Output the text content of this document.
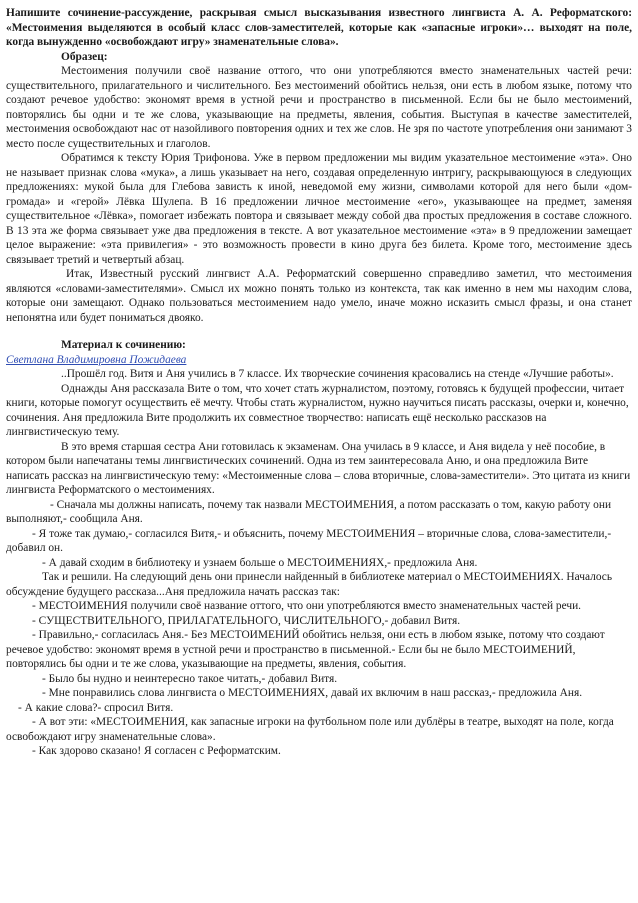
Напишите сочинение-рассуждение, раскрывая смысл высказывания известного лингвиста А. А. Реформатского: «Местоимения выделяются в особый класс слов-заместителей, которые как «запасные игроки»… выходят на поле, когда вынужденно «освобождают игру» знаменательные слова».

Образец:

Местоимения получили своё название оттого, что они употребляются вместо знаменательных частей речи: существительного, прилагательного и числительного. Без местоимений обойтись нельзя, они есть в любом языке, потому что создают речевое удобство: экономят время в устной речи и пространство в письменной. Если бы не было местоимений, повторялись бы одни и те же слова, указывающие на предметы, явления, события. Выступая в качестве заместителей, местоимения освобождают нас от назойливого повторения одних и тех же слов. Не зря по частоте употребления они занимают 3 место после существительных и глаголов.

Обратимся к тексту Юрия Трифонова. Уже в первом предложении мы видим указательное местоимение «эта». Оно не называет признак слова «мука», а лишь указывает на него, создавая определенную интригу, раскрывающуюся в следующих предложениях: мукой была для Глебова зависть к иной, неведомой ему жизни, символами которой для него были «дом-громада» и «герой» Лёвка Шулепа. В 16 предложении личное местоимение «его», указывающее на предмет, заменяя существительное «Лёвка», помогает избежать повтора и связывает между собой два простых предложения в составе сложного. В 13 эта же форма связывает уже два предложения в тексте. А вот указательное местоимение «эта» в 9 предложении замещает целое выражение: «эта привилегия» - это возможность провести в кино друга без билета. Кроме того, местоимение здесь связывает третий и четвертый абзац.

Итак, Известный русский лингвист А.А. Реформатский совершенно справедливо заметил, что местоимения являются «словами-заместителями». Смысл их можно понять только из контекста, так как именно в нем мы находим слова, которые они замещают. Однако пользоваться местоимением надо умело, иначе можно исказить смысл фразы, и она станет непонятна или будет пониматься двояко.

Материал к сочинению:

Светлана Владимировна Пожидаева

..Прошёл год. Витя и Аня учились в 7 классе. Их творческие сочинения красовались на стенде «Лучшие работы».

Однажды Аня рассказала Вите о том, что хочет стать журналистом, поэтому, готовясь к будущей профессии, читает книги, которые помогут осуществить её мечту. Чтобы стать журналистом, нужно научиться писать рассказы, очерки и, конечно, сочинения. Аня предложила Вите продолжить их совместное творчество: написать ещё несколько рассказов на лингвистическую тему.

В это время старшая сестра Ани готовилась к экзаменам. Она училась в 9 классе, и Аня видела у неё пособие, в котором были напечатаны темы лингвистических сочинений. Одна из тем заинтересовала Аню, и она предложила Вите написать рассказ на лингвистическую тему: «Местоименные слова – слова вторичные, слова-заместители». Это цитата из книги лингвиста Реформатского о местоимениях.

- Сначала мы должны написать, почему так назвали МЕСТОИМЕНИЯ, а потом рассказать о том, какую работу они выполняют,- сообщила Аня.

- Я тоже так думаю,- согласился Витя,- и объяснить, почему МЕСТОИМЕНИЯ – вторичные слова, слова-заместители,- добавил он.

- А давай сходим в библиотеку и узнаем больше о МЕСТОИМЕНИЯХ,- предложила Аня.

Так и решили. На следующий день они принесли найденный в библиотеке материал о МЕСТОИМЕНИЯХ. Началось обсуждение будущего рассказа...Аня предложила начать рассказ так:

- МЕСТОИМЕНИЯ получили своё название оттого, что они употребляются вместо знаменательных частей речи.

- СУЩЕСТВИТЕЛЬНОГО, ПРИЛАГАТЕЛЬНОГО, ЧИСЛИТЕЛЬНОГО,- добавил Витя.

- Правильно,- согласилась Аня.- Без МЕСТОИМЕНИЙ обойтись нельзя, они есть в любом языке, потому что создают речевое удобство: экономят время в устной речи и пространство в письменной.- Если бы не было МЕСТОИМЕНИЙ, повторялись бы одни и те же слова, указывающие на предметы, явления, события.

- Было бы нудно и неинтересно такое читать,- добавил Витя.

- Мне понравились слова лингвиста о МЕСТОИМЕНИЯХ, давай их включим в наш рассказ,- предложила Аня.

- А какие слова?- спросил Витя.

- А вот эти: «МЕСТОИМЕНИЯ, как запасные игроки на футбольном поле или дублёры в театре, выходят на поле, когда освобождают игру знаменательные слова».

- Как здорово сказано! Я согласен с Реформатским.
